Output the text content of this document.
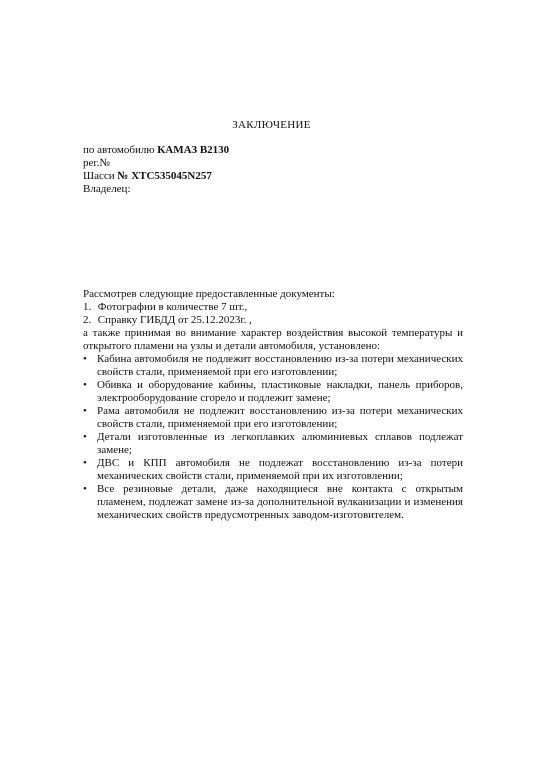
ЗАКЛЮЧЕНИЕ
по автомобилю КАМАЗ В2130
рег.№
Шасси № ХТС535045N257
Владелец:
Рассмотрев следующие предоставленные документы:
1. Фотографии в количестве 7 шт.,
2. Справку ГИБДД от 25.12.2023г. ,
а также принимая во внимание характер воздействия высокой температуры и открытого пламени на узлы и детали автомобиля, установлено:
• Кабина автомобиля не подлежит восстановлению из-за потери механических свойств стали, применяемой при его изготовлении;
• Обивка и оборудование кабины, пластиковые накладки, панель приборов, электрооборудование сгорело и подлежит замене;
• Рама автомобиля не подлежит восстановлению из-за потери механических свойств стали, применяемой при его изготовлении;
• Детали изготовленные из легкоплавких алюминиевых сплавов подлежат замене;
• ДВС и КПП автомобиля не подлежат восстановлению из-за потери механических свойств стали, применяемой при их изготовлении;
• Все резиновые детали, даже находящиеся вне контакта с открытым пламенем, подлежат замене из-за дополнительной вулканизации и изменения механических свойств предусмотренных заводом-изготовителем.
